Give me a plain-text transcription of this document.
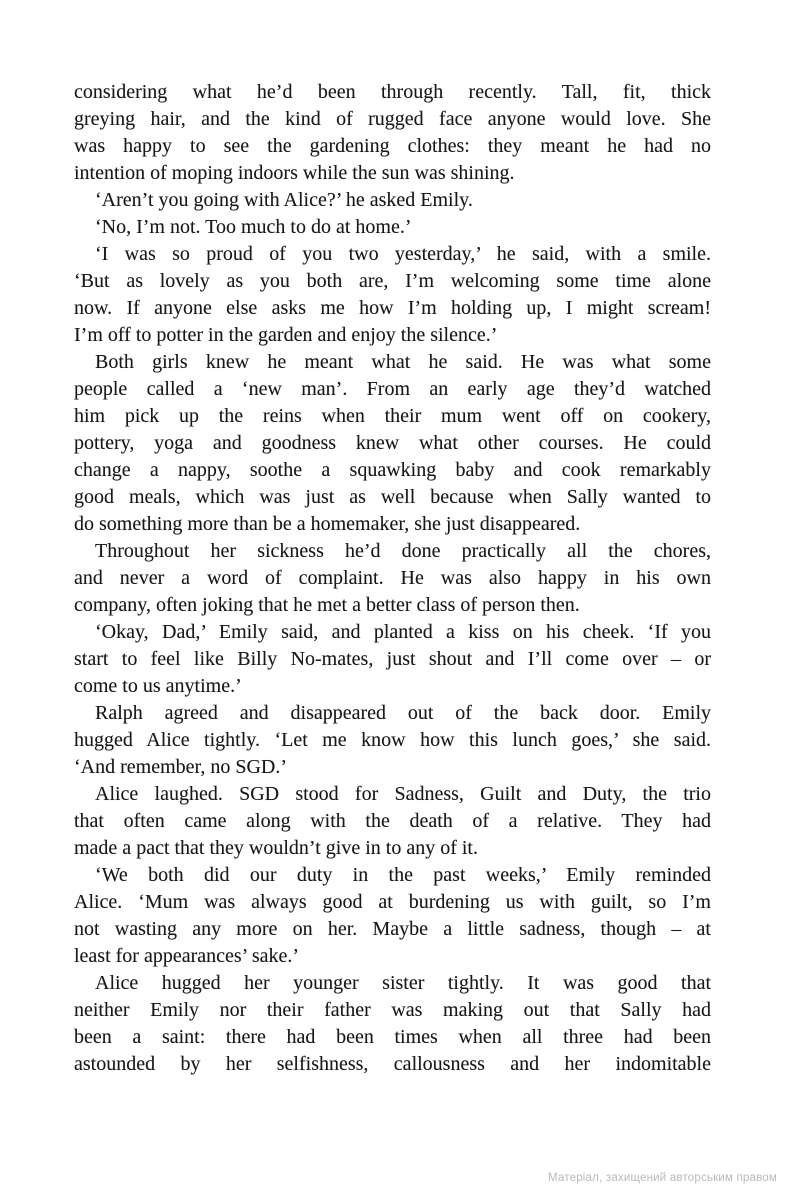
considering what he’d been through recently. Tall, fit, thick
greying hair, and the kind of rugged face anyone would love. She
was happy to see the gardening clothes: they meant he had no
intention of moping indoors while the sun was shining.
‘Aren’t you going with Alice?’ he asked Emily.
‘No, I’m not. Too much to do at home.’
‘I was so proud of you two yesterday,’ he said, with a smile.
‘But as lovely as you both are, I’m welcoming some time alone
now. If anyone else asks me how I’m holding up, I might scream!
I’m off to potter in the garden and enjoy the silence.’
Both girls knew he meant what he said. He was what some
people called a ‘new man’. From an early age they’d watched
him pick up the reins when their mum went off on cookery,
pottery, yoga and goodness knew what other courses. He could
change a nappy, soothe a squawking baby and cook remarkably
good meals, which was just as well because when Sally wanted to
do something more than be a homemaker, she just disappeared.
Throughout her sickness he’d done practically all the chores,
and never a word of complaint. He was also happy in his own
company, often joking that he met a better class of person then.
‘Okay, Dad,’ Emily said, and planted a kiss on his cheek. ‘If you
start to feel like Billy No-mates, just shout and I’ll come over – or
come to us anytime.’
Ralph agreed and disappeared out of the back door. Emily
hugged Alice tightly. ‘Let me know how this lunch goes,’ she said.
‘And remember, no SGD.’
Alice laughed. SGD stood for Sadness, Guilt and Duty, the trio
that often came along with the death of a relative. They had
made a pact that they wouldn’t give in to any of it.
‘We both did our duty in the past weeks,’ Emily reminded
Alice. ‘Mum was always good at burdening us with guilt, so I’m
not wasting any more on her. Maybe a little sadness, though – at
least for appearances’ sake.’
Alice hugged her younger sister tightly. It was good that
neither Emily nor their father was making out that Sally had
been a saint: there had been times when all three had been
astounded by her selfishness, callousness and her indomitable
Матеріал, захищений авторським правом
